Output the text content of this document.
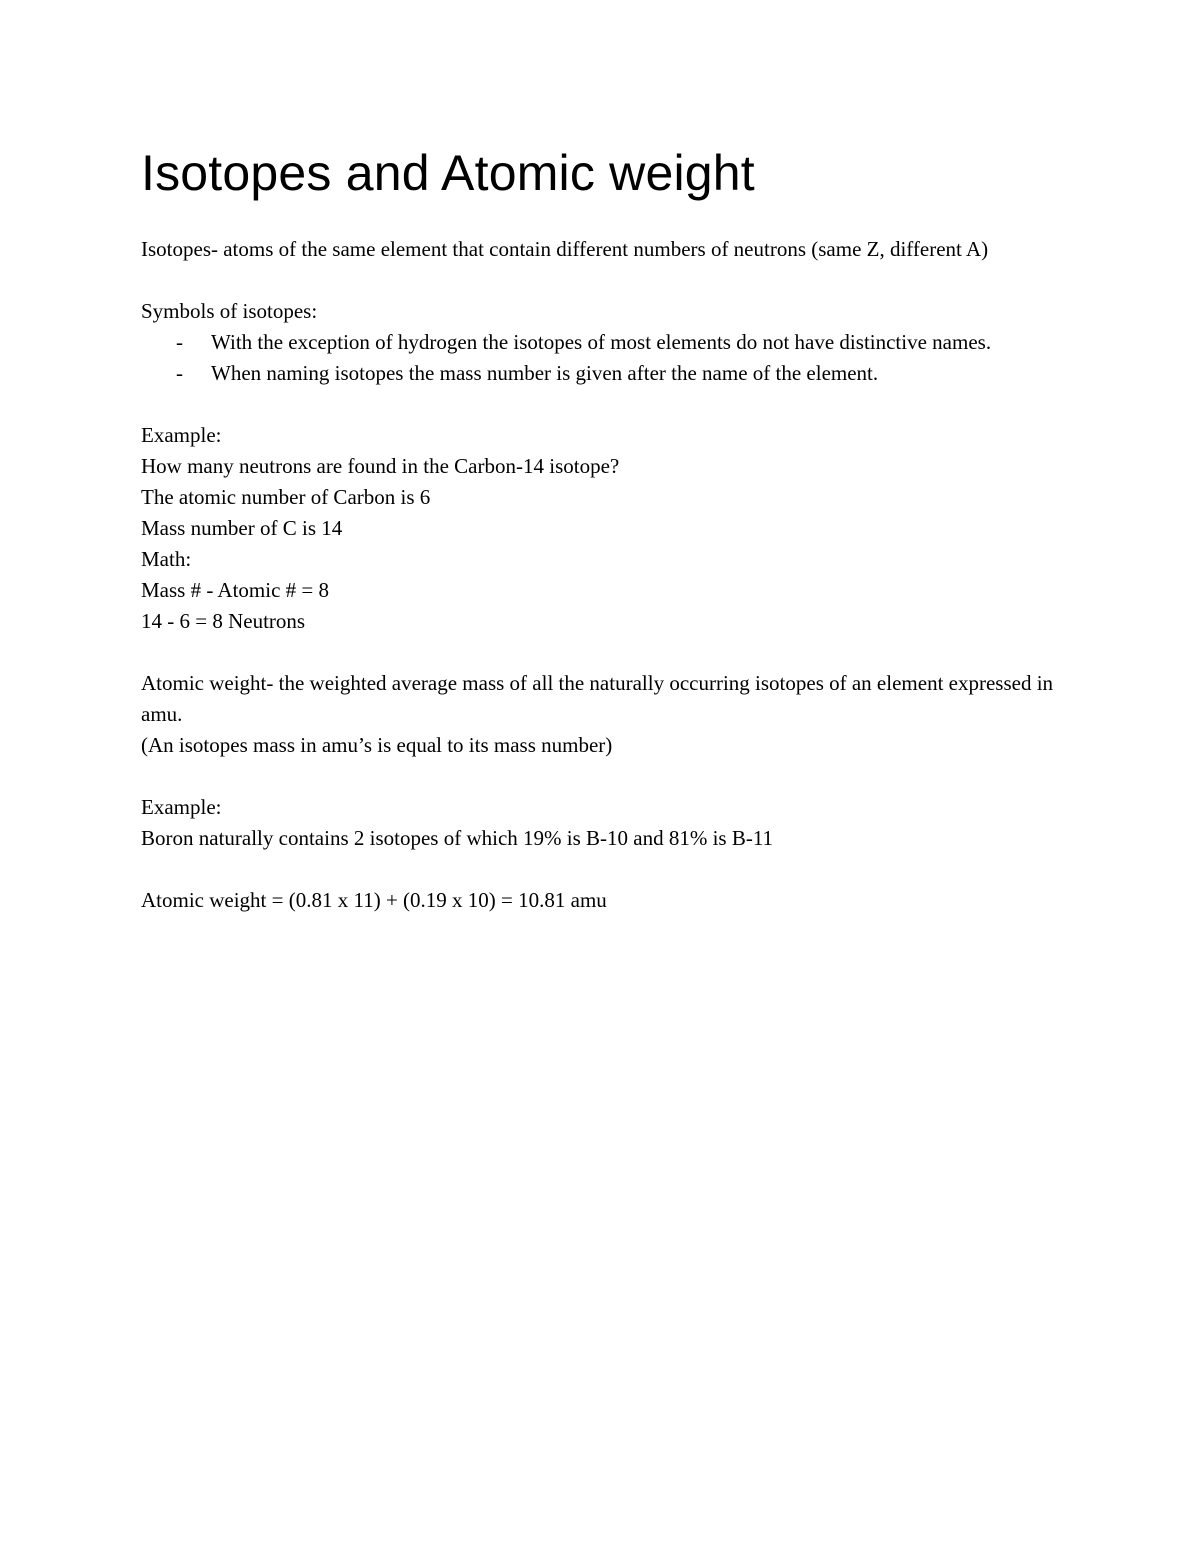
Isotopes and Atomic weight

Isotopes- atoms of the same element that contain different numbers of neutrons (same Z, different A)

Symbols of isotopes:

- With the exception of hydrogen the isotopes of most elements do not have distinctive names.
- When naming isotopes the mass number is given after the name of the element.

Example:

How many neutrons are found in the Carbon-14 isotope?

The atomic number of Carbon is 6

Mass number of C is 14

Math:

Mass # - Atomic # = 8

14 - 6 = 8 Neutrons

Atomic weight- the weighted average mass of all the naturally occurring isotopes of an element expressed in amu.

(An isotopes mass in amu’s is equal to its mass number)

Example:

Boron naturally contains 2 isotopes of which 19% is B-10 and 81% is B-11

Atomic weight = (0.81 x 11) + (0.19 x 10) = 10.81 amu
